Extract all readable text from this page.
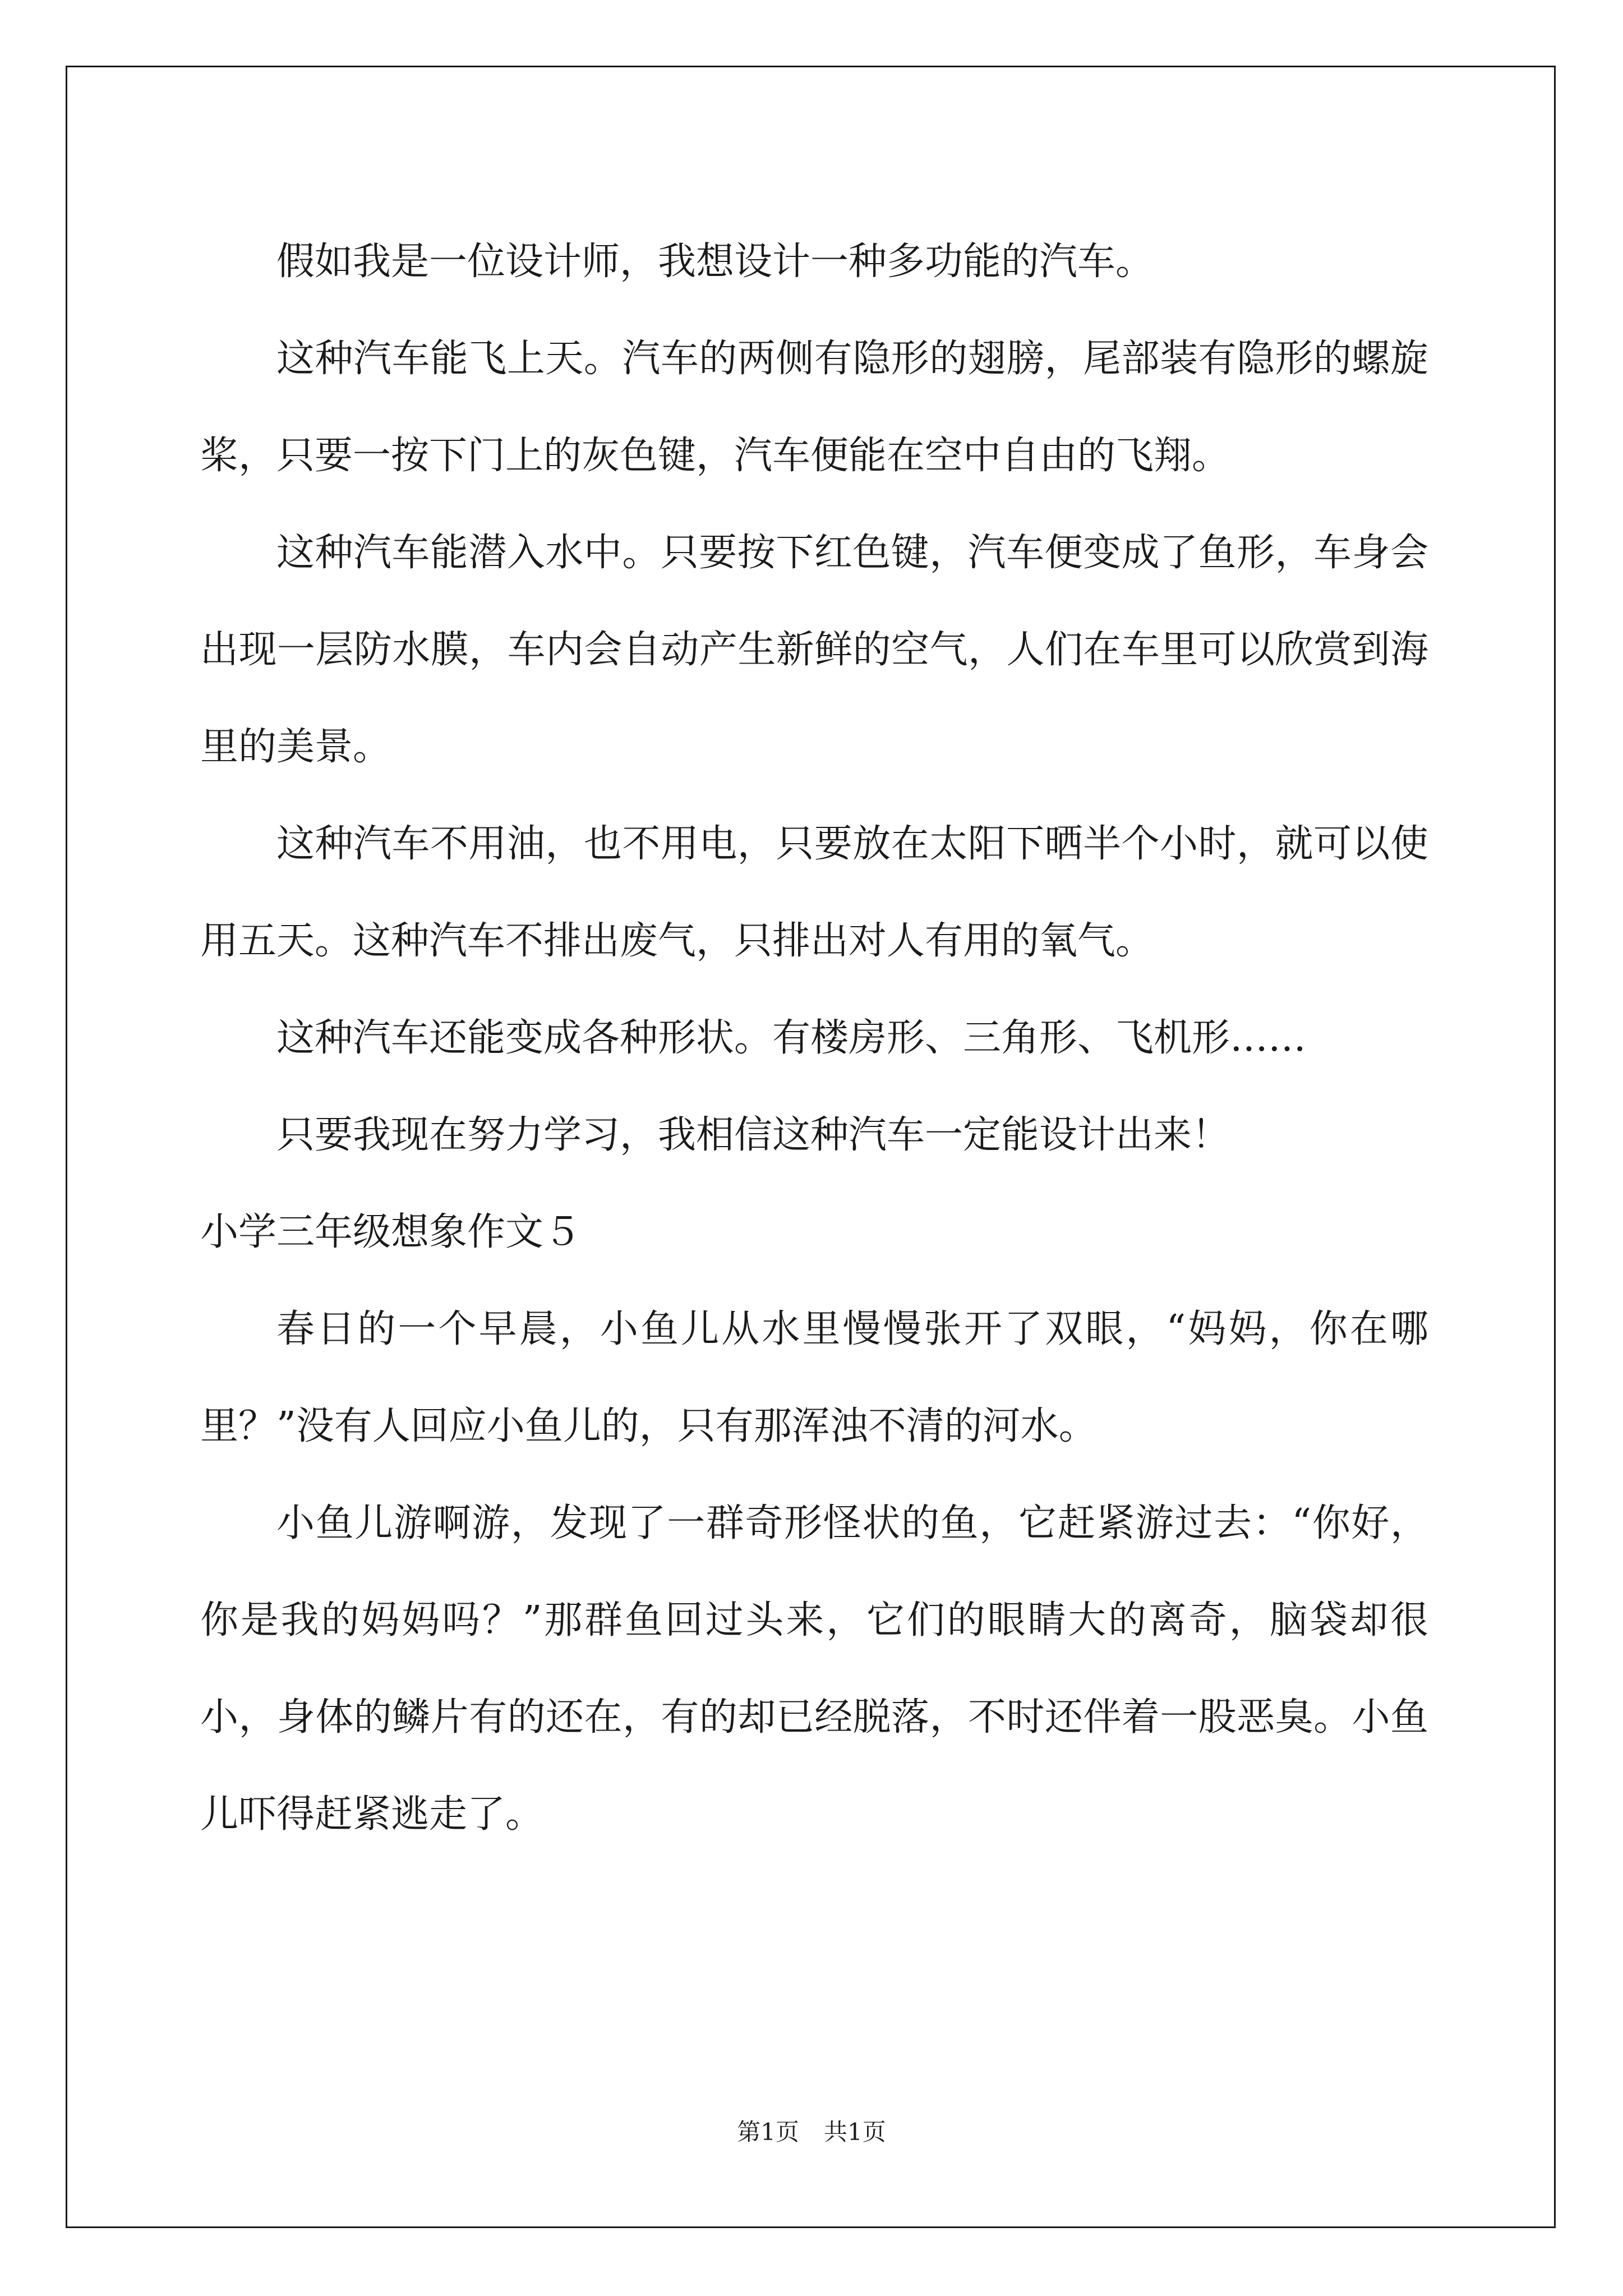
假如我是一位设计师，我想设计一种多功能的汽车。

这种汽车能飞上天。汽车的两侧有隐形的翅膀，尾部装有隐形的螺旋桨，只要一按下门上的灰色键，汽车便能在空中自由的飞翔。

这种汽车能潜入水中。只要按下红色键，汽车便变成了鱼形，车身会出现一层防水膜，车内会自动产生新鲜的空气，人们在车里可以欣赏到海里的美景。

这种汽车不用油，也不用电，只要放在太阳下晒半个小时，就可以使用五天。这种汽车不排出废气，只排出对人有用的氧气。

这种汽车还能变成各种形状。有楼房形、三角形、飞机形……

只要我现在努力学习，我相信这种汽车一定能设计出来！

小学三年级想象作文５

春日的一个早晨，小鱼儿从水里慢慢张开了双眼，“妈妈，你在哪里？”没有人回应小鱼儿的，只有那浑浊不清的河水。

小鱼儿游啊游，发现了一群奇形怪状的鱼，它赶紧游过去：“你好，你是我的妈妈吗？”那群鱼回过头来，它们的眼睛大的离奇，脑袋却很小，身体的鳞片有的还在，有的却已经脱落，不时还伴着一股恶臭。小鱼儿吓得赶紧逃走了。

第1页 共1页
